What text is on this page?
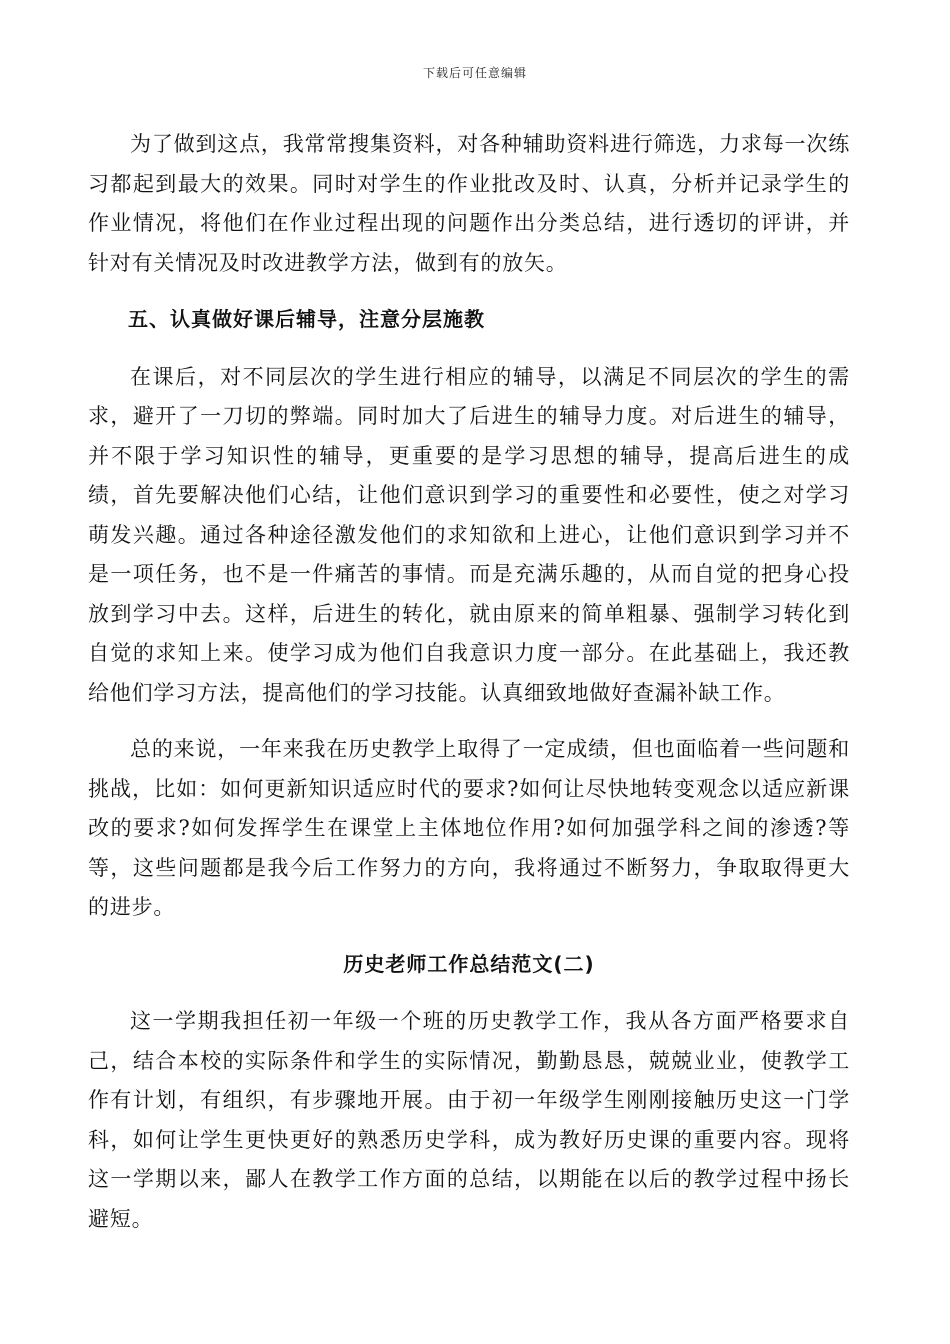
下载后可任意编辑

为了做到这点，我常常搜集资料，对各种辅助资料进行筛选，力求每一次练习都起到最大的效果。同时对学生的作业批改及时、认真，分析并记录学生的作业情况，将他们在作业过程出现的问题作出分类总结，进行透切的评讲，并针对有关情况及时改进教学方法，做到有的放矢。

五、认真做好课后辅导，注意分层施教

在课后，对不同层次的学生进行相应的辅导，以满足不同层次的学生的需求，避开了一刀切的弊端。同时加大了后进生的辅导力度。对后进生的辅导，并不限于学习知识性的辅导，更重要的是学习思想的辅导，提高后进生的成绩，首先要解决他们心结，让他们意识到学习的重要性和必要性，使之对学习萌发兴趣。通过各种途径激发他们的求知欲和上进心，让他们意识到学习并不是一项任务，也不是一件痛苦的事情。而是充满乐趣的，从而自觉的把身心投放到学习中去。这样，后进生的转化，就由原来的简单粗暴、强制学习转化到自觉的求知上来。使学习成为他们自我意识力度一部分。在此基础上，我还教给他们学习方法，提高他们的学习技能。认真细致地做好查漏补缺工作。

总的来说，一年来我在历史教学上取得了一定成绩，但也面临着一些问题和挑战，比如：如何更新知识适应时代的要求?如何让尽快地转变观念以适应新课改的要求?如何发挥学生在课堂上主体地位作用?如何加强学科之间的渗透?等等，这些问题都是我今后工作努力的方向，我将通过不断努力，争取取得更大的进步。

历史老师工作总结范文(二)

这一学期我担任初一年级一个班的历史教学工作，我从各方面严格要求自己，结合本校的实际条件和学生的实际情况，勤勤恳恳，兢兢业业，使教学工作有计划，有组织，有步骤地开展。由于初一年级学生刚刚接触历史这一门学科，如何让学生更快更好的熟悉历史学科，成为教好历史课的重要内容。现将这一学期以来，鄙人在教学工作方面的总结，以期能在以后的教学过程中扬长避短。
